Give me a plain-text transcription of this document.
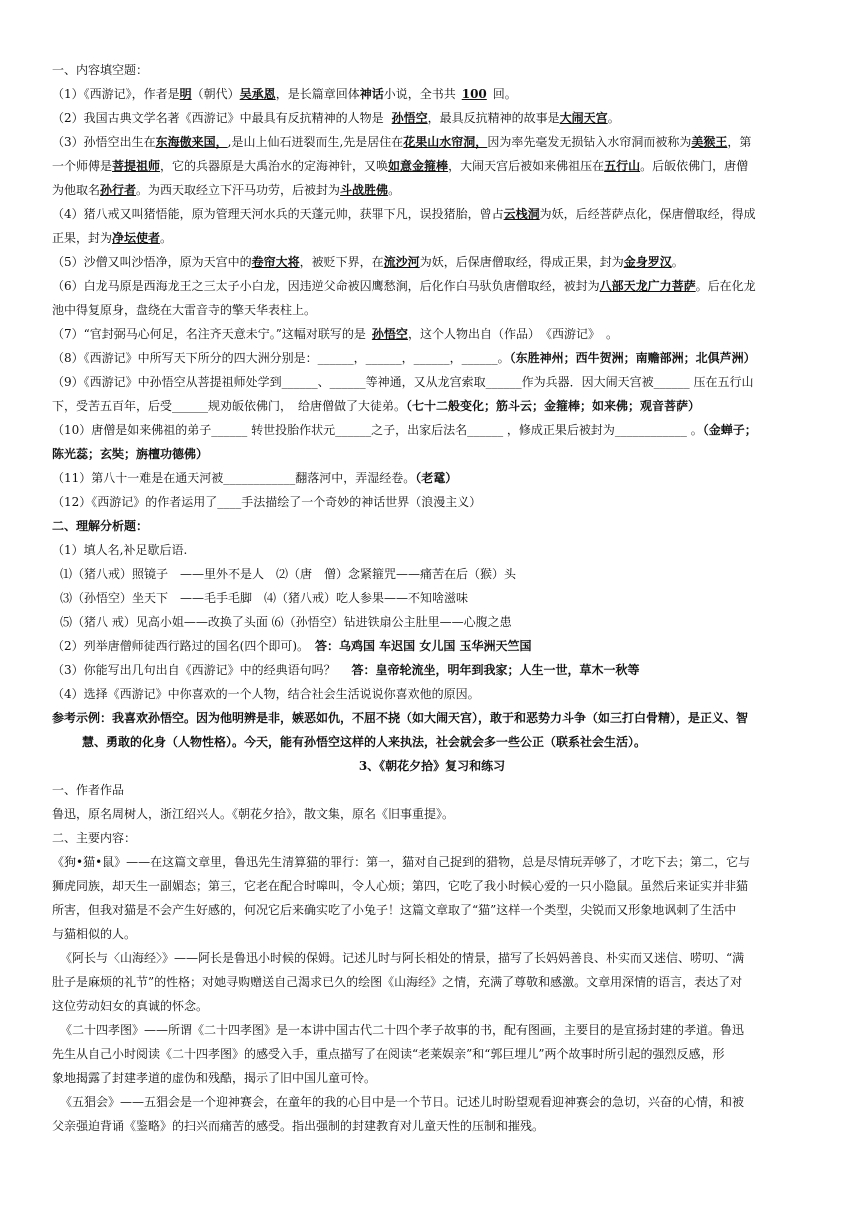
一、内容填空题：
（1）《西游记》，作者是明（朝代）吴承恩，是长篇章回体神话小说，全书共 100 回。
（2）我国古典文学名著《西游记》中最具有反抗精神的人物是 孙悟空，最具反抗精神的故事是大闹天宫。
（3）孙悟空出生在东海傲来国，,是山上仙石迸裂而生,先是居住在花果山水帘洞，因为率先毫发无损钻入水帘洞而被称为美猴王，第
一个师傅是菩提祖师，它的兵器原是大禹治水的定海神针，又唤如意金箍棒，大闹天宫后被如来佛祖压在五行山。后皈依佛门，唐僧
为他取名孙行者。为西天取经立下汗马功劳，后被封为斗战胜佛。
（4）猪八戒又叫猪悟能，原为管理天河水兵的天蓬元帅，获罪下凡，误投猪胎，曾占云栈洞为妖，后经菩萨点化，保唐僧取经，得成
正果，封为净坛使者。
（5）沙僧又叫沙悟净，原为天宫中的卷帘大将，被贬下界，在流沙河为妖，后保唐僧取经，得成正果，封为金身罗汉。
（6）白龙马原是西海龙王之三太子小白龙，因违逆父命被囚鹰愁涧，后化作白马驮负唐僧取经，被封为八部天龙广力菩萨。后在化龙
池中得复原身，盘绕在大雷音寺的擎天华表柱上。
（7）“官封弼马心何足，名注齐天意未宁。”这幅对联写的是 孙悟空，这个人物出自（作品）　《西游记》　。
（8）《西游记》中所写天下所分的四大洲分别是：______，______，______，______。（东胜神州；西牛贺洲；南赡部洲；北俱芦洲）
（9）《西游记》中孙悟空从菩提祖师处学到______、______等神通，又从龙宫索取______作为兵器．因大闹天宫被______ 压在五行山
下，受苦五百年，后受______规劝皈依佛门，　给唐僧做了大徒弟。（七十二般变化；筋斗云；金箍棒；如来佛；观音菩萨）
（10）唐僧是如来佛祖的弟子______ 转世投胎作状元______之子，出家后法名______ ，修成正果后被封为____________ 。（金蝉子；
陈光蕊；玄奘；旃檀功德佛）
（11）第八十一难是在通天河被____________翻落河中，弄湿经卷。（老鼋）
（12）《西游记》的作者运用了____手法描绘了一个奇妙的神话世界（浪漫主义）
二、理解分析题：
（1）填人名,补足歇后语.
⑴（猪八戒）照镜子　——里外不是人　⑵（唐　僧）念紧箍咒——痛苦在后（猴）头
⑶（孙悟空）坐天下　——毛手毛脚　⑷（猪八戒）吃人参果——不知啥滋味
⑸（猪八 戒）见高小姐——改换了头面 ⑹（孙悟空）钻进铁扇公主肚里——心腹之患
（2）列举唐僧师徒西行路过的国名(四个即可)。　答：乌鸡国 车迟国 女儿国 玉华洲天竺国
（3）你能写出几句出自《西游记》中的经典语句吗？　 答：皇帝轮流坐，明年到我家；人生一世，草木一秋等
（4）选择《西游记》中你喜欢的一个人物，结合社会生活说说你喜欢他的原因。
参考示例：我喜欢孙悟空。因为他明辨是非，嫉恶如仇，不屈不挠（如大闹天宫），敢于和恶势力斗争（如三打白骨精），是正义、智
慧、勇敢的化身（人物性格）。今天，能有孙悟空这样的人来执法，社会就会多一些公正（联系社会生活）。
3、《朝花夕拾》复习和练习
一、作者作品
鲁迅，原名周树人，浙江绍兴人。《朝花夕拾》，散文集，原名《旧事重提》。
二、主要内容：
《狗•猫•鼠》——在这篇文章里，鲁迅先生清算猫的罪行：第一，猫对自己捉到的猎物，总是尽情玩弄够了，才吃下去；第二，它与
狮虎同族，却天生一副媚态；第三，它老在配合时嗥叫，令人心烦；第四，它吃了我小时候心爱的一只小隐鼠。虽然后来证实并非猫
所害，但我对猫是不会产生好感的，何况它后来确实吃了小兔子！这篇文章取了“猫”这样一个类型，尖锐而又形象地讽刺了生活中
与猫相似的人。
《阿长与〈山海经〉》——阿长是鲁迅小时候的保姆。记述儿时与阿长相处的情景，描写了长妈妈善良、朴实而又迷信、唠叨、“满
肚子是麻烦的礼节”的性格；对她寻购赠送自己渴求已久的绘图《山海经》之情，充满了尊敬和感激。文章用深情的语言，表达了对
这位劳动妇女的真诚的怀念。
《二十四孝图》——所谓《二十四孝图》是一本讲中国古代二十四个孝子故事的书，配有图画，主要目的是宣扬封建的孝道。鲁迅
先生从自己小时阅读《二十四孝图》的感受入手，重点描写了在阅读“老莱娱亲”和“郭巨埋儿”两个故事时所引起的强烈反感，形
象地揭露了封建孝道的虚伪和残酷，揭示了旧中国儿童可怜。
《五猖会》——五猖会是一个迎神赛会，在童年的我的心目中是一个节日。记述儿时盼望观看迎神赛会的急切，兴奋的心情，和被
父亲强迫背诵《鉴略》的扫兴而痛苦的感受。指出强制的封建教育对儿童天性的压制和摧残。
